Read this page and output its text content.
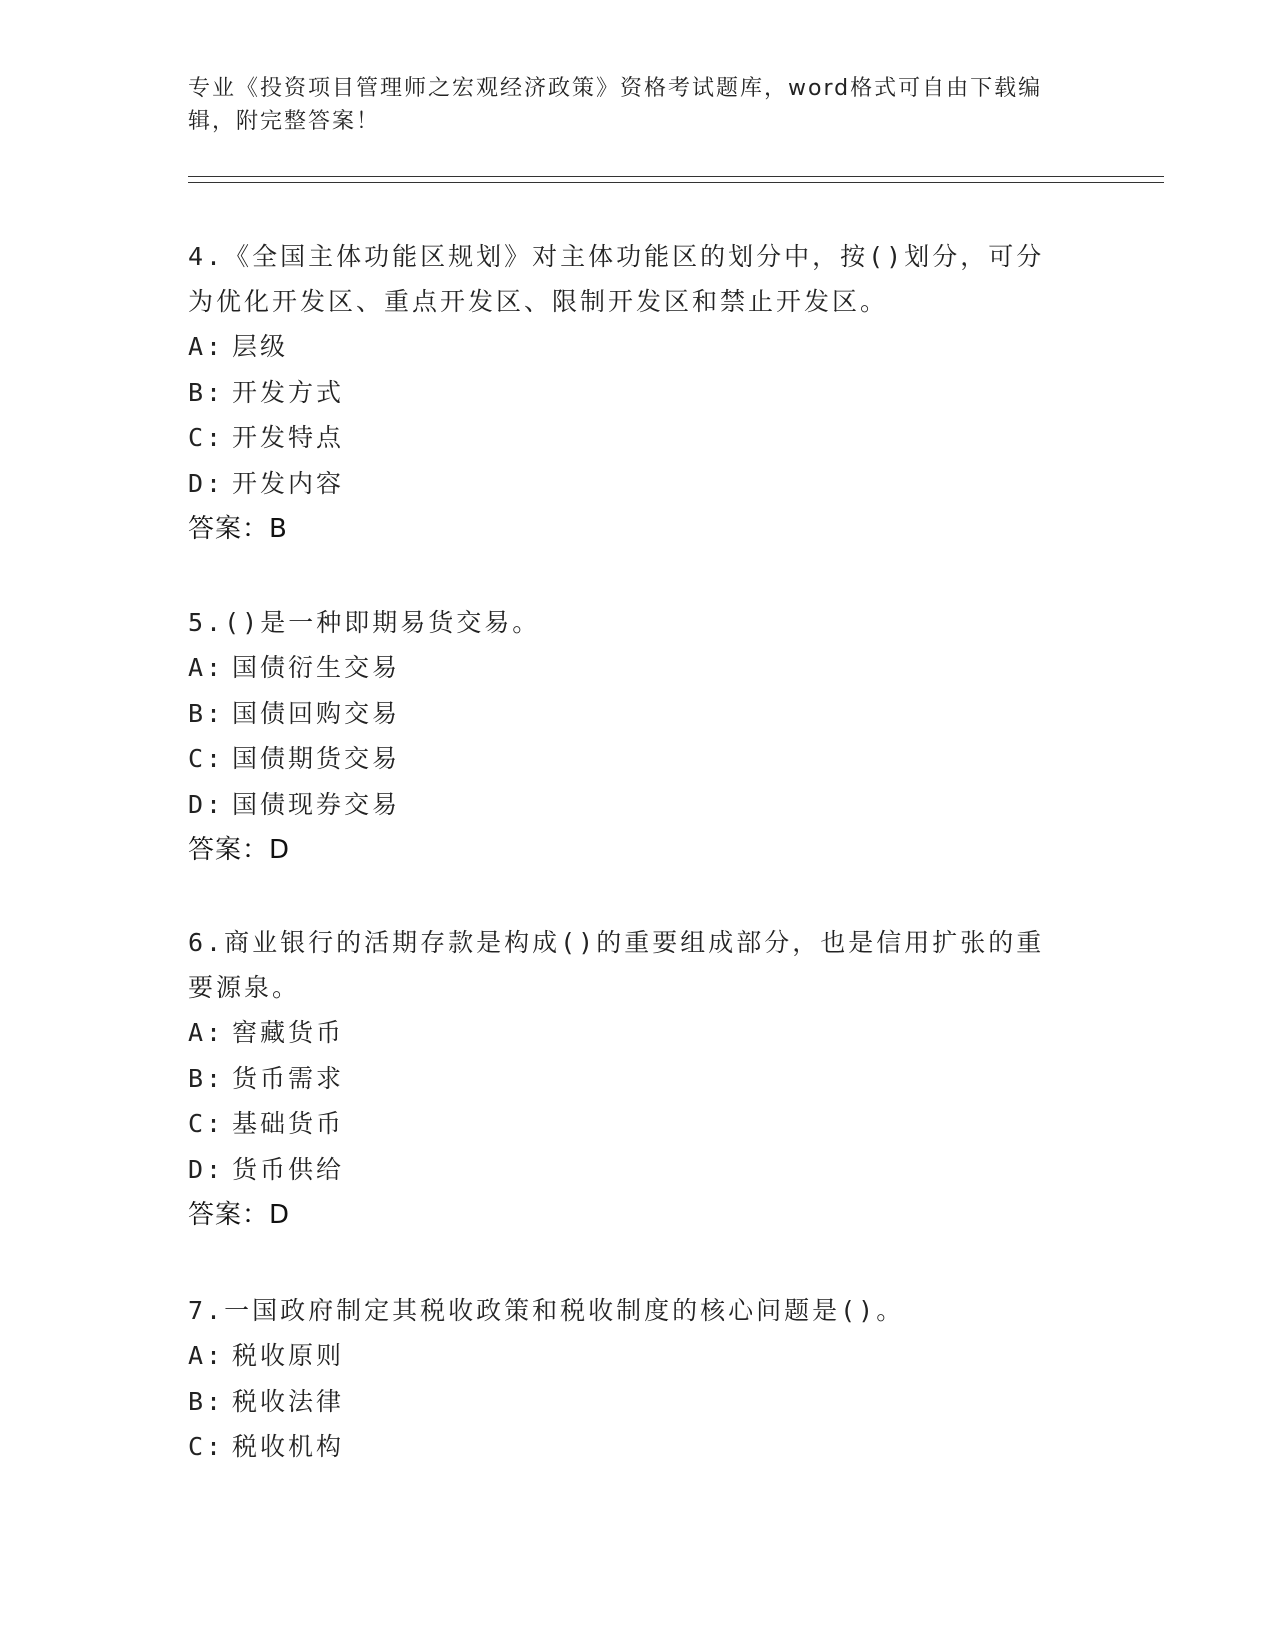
专业《投资项目管理师之宏观经济政策》资格考试题库，word格式可自由下载编辑，附完整答案！
4.《全国主体功能区规划》对主体功能区的划分中，按()划分，可分为优化开发区、重点开发区、限制开发区和禁止开发区。
A: 层级
B: 开发方式
C: 开发特点
D: 开发内容
答案：B
5.()是一种即期易货交易。
A: 国债衍生交易
B: 国债回购交易
C: 国债期货交易
D: 国债现券交易
答案：D
6.商业银行的活期存款是构成()的重要组成部分，也是信用扩张的重要源泉。
A: 窖藏货币
B: 货币需求
C: 基础货币
D: 货币供给
答案：D
7.一国政府制定其税收政策和税收制度的核心问题是()。
A: 税收原则
B: 税收法律
C: 税收机构
